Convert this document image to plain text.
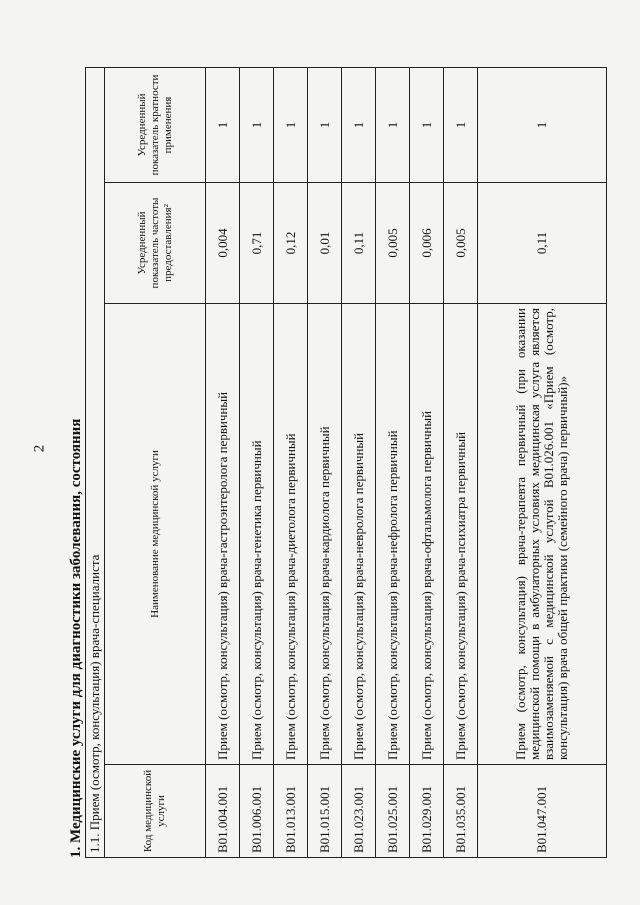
2 1. Медицинские услуги для диагностики заболевания, состояния 1.1. Прием (осмотр, консультация) врача-специалиста			
Код медицинской услуги	Наименование медицинской услуги	Усредненный показатель частоты предоставления²	Усредненный показатель кратности применения
B01.004.001	Прием (осмотр, консультация) врача-гастроэнтеролога первичный	0,004	1
B01.006.001	Прием (осмотр, консультация) врача-генетика первичный	0,71	1
B01.013.001	Прием (осмотр, консультация) врача-диетолога первичный	0,12	1
B01.015.001	Прием (осмотр, консультация) врача-кардиолога первичный	0,01	1
B01.023.001	Прием (осмотр, консультация) врача-невролога первичный	0,11	1
B01.025.001	Прием (осмотр, консультация) врача-нефролога первичный	0,005	1
B01.029.001	Прием (осмотр, консультация) врача-офтальмолога первичный	0,006	1
B01.035.001	Прием (осмотр, консультация) врача-психиатра первичный	0,005	1
B01.047.001	Прием (осмотр, консультация) врача-терапевта первичный (при оказании медицинской помощи в амбулаторных условиях медицинская услуга является взаимозаменяемой с медицинской услугой B01.026.001 «Прием (осмотр, консультация) врача общей практики (семейного врача) первичный)»	0,11	1
